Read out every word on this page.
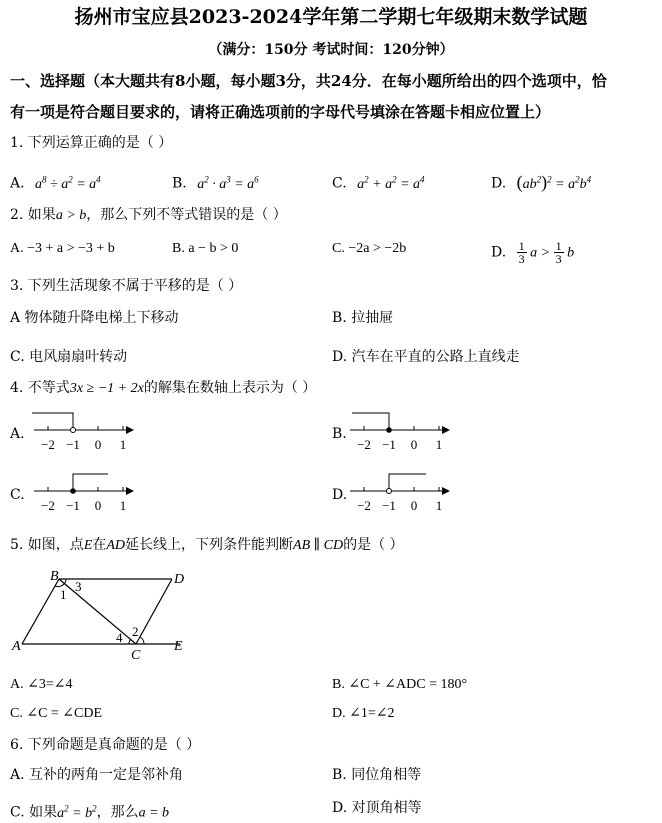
扬州市宝应县2023-2024学年第二学期七年级期末数学试题
（满分：150分 考试时间：120分钟）
一、选择题（本大题共有8小题，每小题3分，共24分．在每小题所给出的四个选项中，恰
有一项是符合题目要求的，请将正确选项前的字母代号填涂在答题卡相应位置上）
1. 下列运算正确的是（ ）
A. $a^8 \div a^2 = a^4$	B. $a^2 \cdot a^3 = a^6$	C. $a^2 + a^2 = a^4$	D. $(ab^2)^2 = a^2b^4$
2. 如果a > b，那么下列不等式错误的是（ ）
A. −3 + a > −3 + b	B. a − b > 0	C. −2a > −2b	D. 1
3 a > 1
3 b
3. 下列生活现象不属于平移的是（ ）
A 物体随升降电梯上下移动	B. 拉抽屉
C. 电风扇扇叶转动	D. 汽车在平直的公路上直线走
4. 不等式3x ≥ −1 + 2x的解集在数轴上表示为（ ）
A.	B.
C.	D.
−2 −1 0 1	−2 −1 0 1
−2 −1 0 1	−2 −1 0 1
5. 如图，点E在AD延长线上，下列条件能判断AB ∥ CD的是（ ）
B	D
A
C
E
1
3
2
4
A. ∠3=∠4	B. ∠C + ∠ADC = 180°
C. ∠C = ∠CDE	D. ∠1=∠2
6. 下列命题是真命题的是（ ）
A. 互补的两角一定是邻补角	B. 同位角相等
C. 如果$a^2 = b^2$，那么a = b	D. 对顶角相等
